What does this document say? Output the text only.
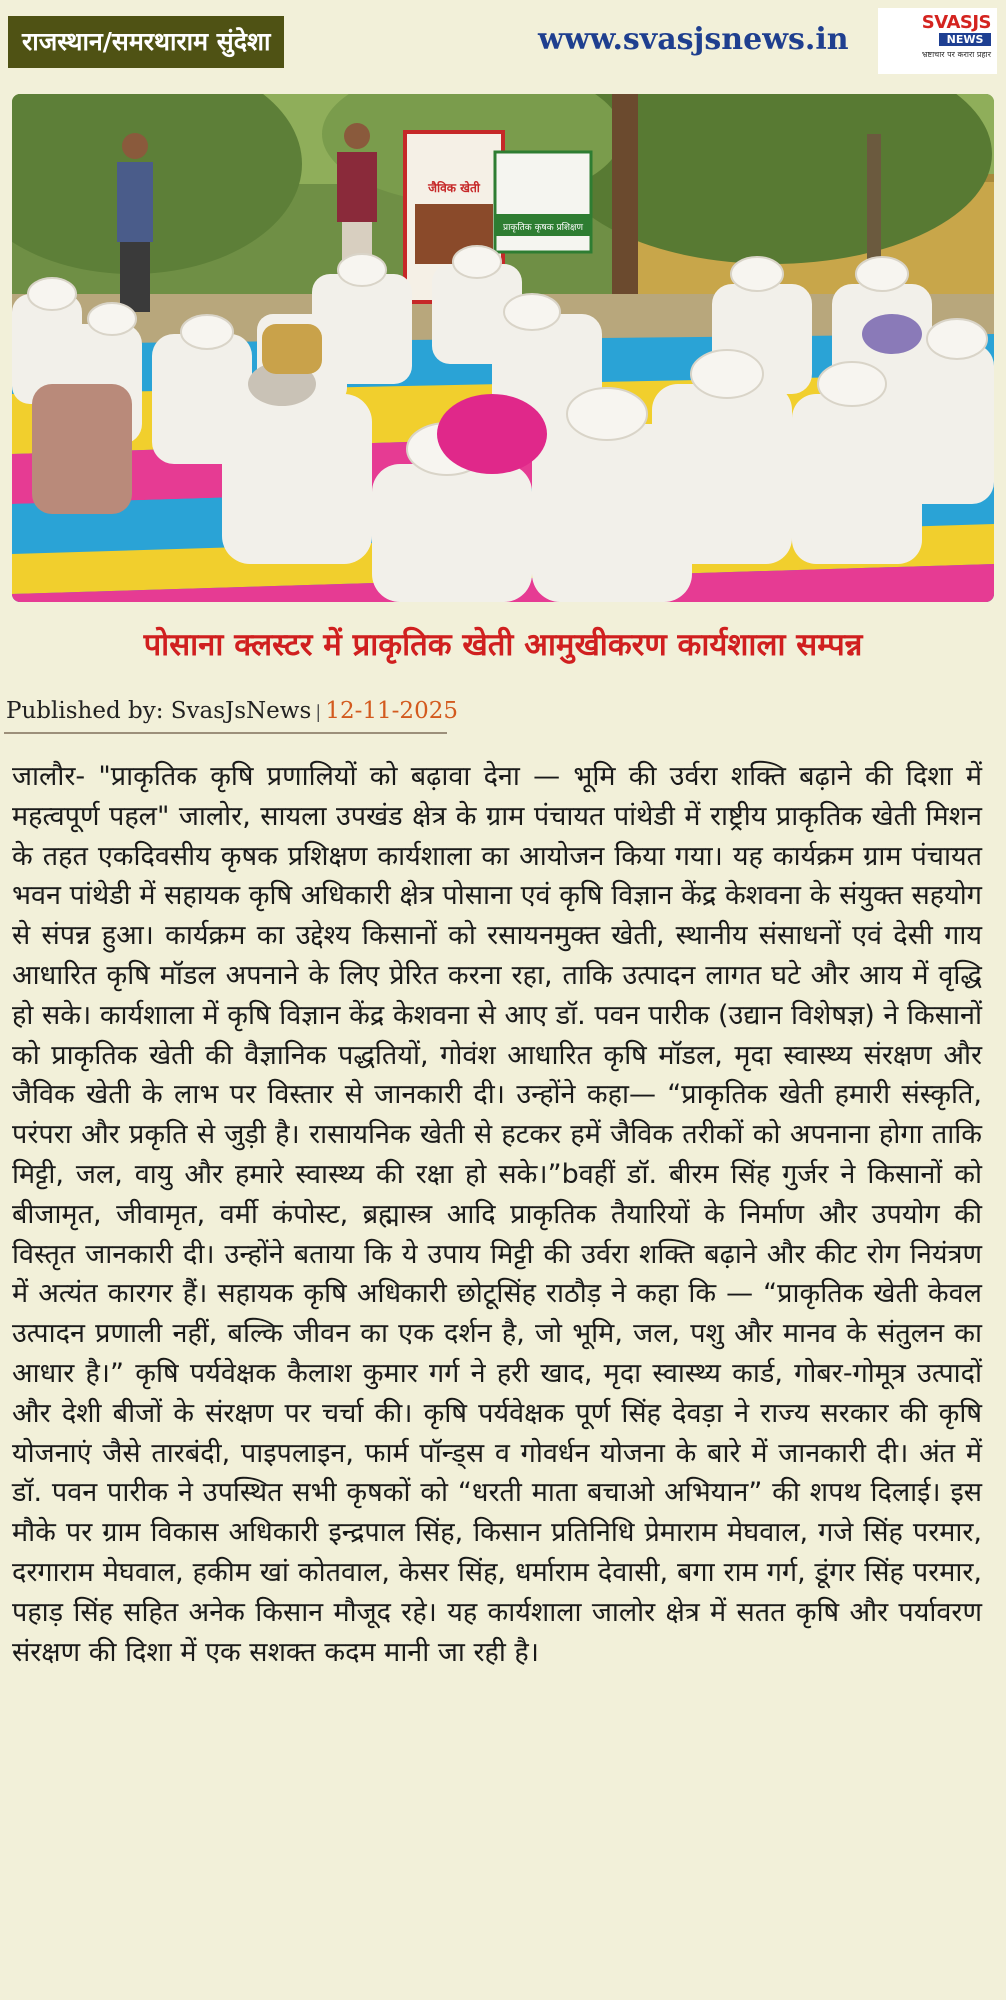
राजस्थान/समरथाराम सुंदेशा	www.svasjsnews.in	SVASJS
NEWS
भ्रष्टाचार पर करारा प्रहार
जैविक खेती
प्राकृतिक कृषक प्रशिक्षण
पोसाना क्लस्टर में प्राकृतिक खेती आमुखीकरण कार्यशाला सम्पन्न
Published by: SvasJsNews | 12-11-2025

जालौर- "प्राकृतिक कृषि प्रणालियों को बढ़ावा देना — भूमि की उर्वरा शक्ति बढ़ाने की दिशा में महत्वपूर्ण पहल" जालोर, सायला उपखंड क्षेत्र के ग्राम पंचायत पांथेडी में राष्ट्रीय प्राकृतिक खेती मिशन के तहत एकदिवसीय कृषक प्रशिक्षण कार्यशाला का आयोजन किया गया। यह कार्यक्रम ग्राम पंचायत भवन पांथेडी में सहायक कृषि अधिकारी क्षेत्र पोसाना एवं कृषि विज्ञान केंद्र केशवना के संयुक्त सहयोग से संपन्न हुआ। कार्यक्रम का उद्देश्य किसानों को रसायनमुक्त खेती, स्थानीय संसाधनों एवं देसी गाय आधारित कृषि मॉडल अपनाने के लिए प्रेरित करना रहा, ताकि उत्पादन लागत घटे और आय में वृद्धि हो सके। कार्यशाला में कृषि विज्ञान केंद्र केशवना से आए डॉ. पवन पारीक (उद्यान विशेषज्ञ) ने किसानों को प्राकृतिक खेती की वैज्ञानिक पद्धतियों, गोवंश आधारित कृषि मॉडल, मृदा स्वास्थ्य संरक्षण और जैविक खेती के लाभ पर विस्तार से जानकारी दी। उन्होंने कहा— “प्राकृतिक खेती हमारी संस्कृति, परंपरा और प्रकृति से जुड़ी है। रासायनिक खेती से हटकर हमें जैविक तरीकों को अपनाना होगा ताकि मिट्टी, जल, वायु और हमारे स्वास्थ्य की रक्षा हो सके।”bवहीं डॉ. बीरम सिंह गुर्जर ने किसानों को बीजामृत, जीवामृत, वर्मी कंपोस्ट, ब्रह्मास्त्र आदि प्राकृतिक तैयारियों के निर्माण और उपयोग की विस्तृत जानकारी दी। उन्होंने बताया कि ये उपाय मिट्टी की उर्वरा शक्ति बढ़ाने और कीट रोग नियंत्रण में अत्यंत कारगर हैं। सहायक कृषि अधिकारी छोटूसिंह राठौड़ ने कहा कि — “प्राकृतिक खेती केवल उत्पादन प्रणाली नहीं, बल्कि जीवन का एक दर्शन है, जो भूमि, जल, पशु और मानव के संतुलन का आधार है।” कृषि पर्यवेक्षक कैलाश कुमार गर्ग ने हरी खाद, मृदा स्वास्थ्य कार्ड, गोबर-गोमूत्र उत्पादों और देशी बीजों के संरक्षण पर चर्चा की। कृषि पर्यवेक्षक पूर्ण सिंह देवड़ा ने राज्य सरकार की कृषि योजनाएं जैसे तारबंदी, पाइपलाइन, फार्म पॉन्ड्स व गोवर्धन योजना के बारे में जानकारी दी। अंत में डॉ. पवन पारीक ने उपस्थित सभी कृषकों को “धरती माता बचाओ अभियान” की शपथ दिलाई। इस मौके पर ग्राम विकास अधिकारी इन्द्रपाल सिंह, किसान प्रतिनिधि प्रेमाराम मेघवाल, गजे सिंह परमार, दरगाराम मेघवाल, हकीम खां कोतवाल, केसर सिंह, धर्माराम देवासी, बगा राम गर्ग, डूंगर सिंह परमार, पहाड़ सिंह सहित अनेक किसान मौजूद रहे। यह कार्यशाला जालोर क्षेत्र में सतत कृषि और पर्यावरण संरक्षण की दिशा में एक सशक्त कदम मानी जा रही है।
